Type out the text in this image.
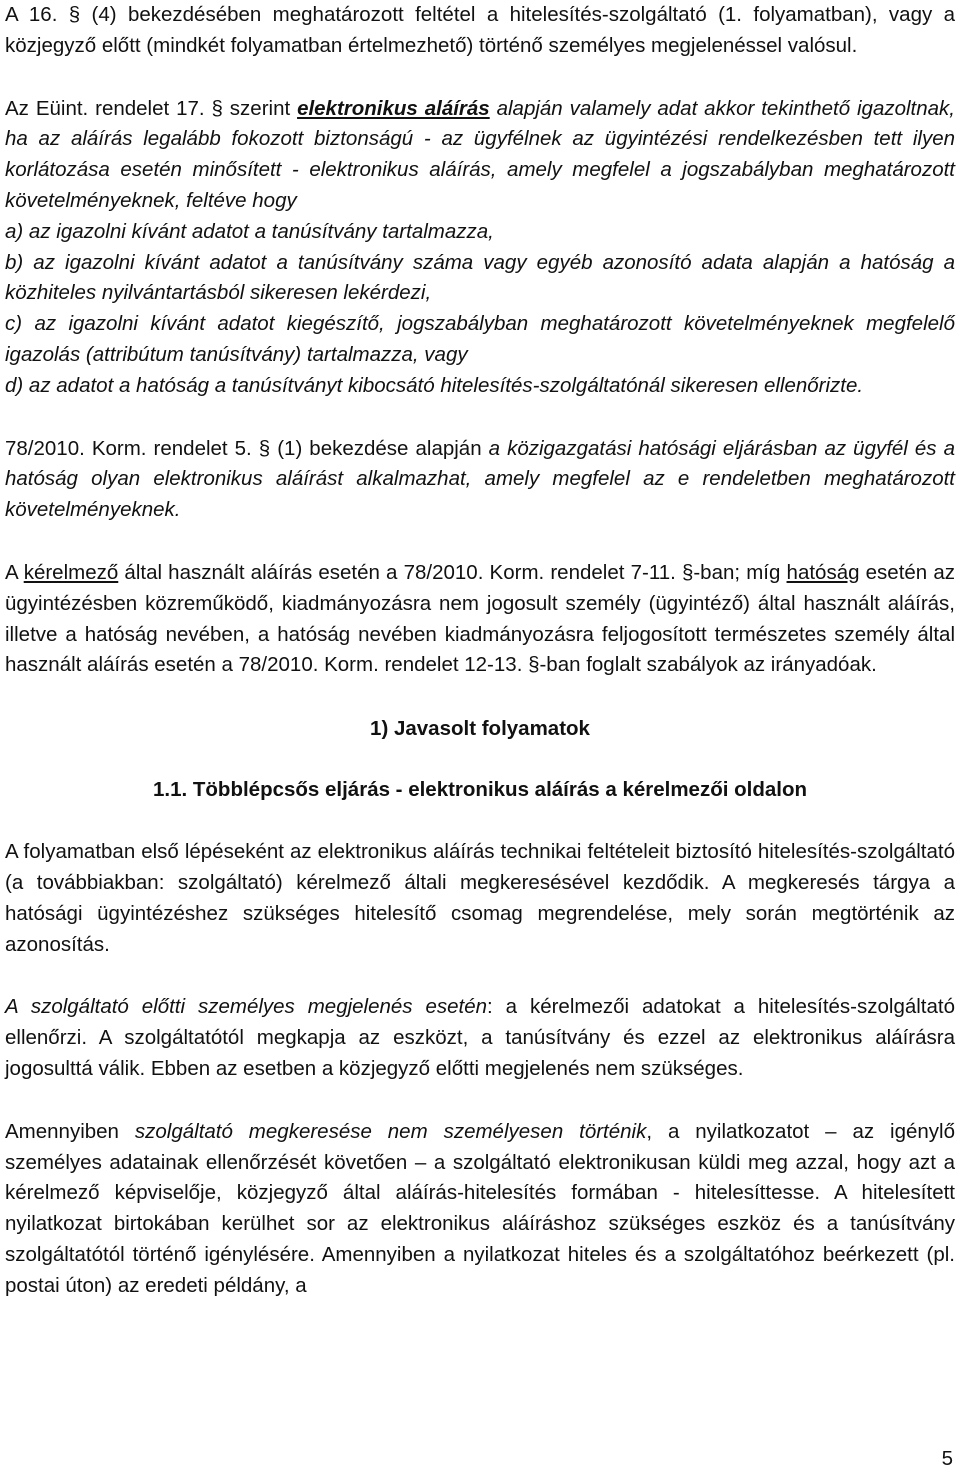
A 16. § (4) bekezdésében meghatározott feltétel a hitelesítés-szolgáltató (1. folyamatban), vagy a közjegyző előtt (mindkét folyamatban értelmezhető) történő személyes megjelenéssel valósul.

Az Eüint. rendelet 17. § szerint elektronikus aláírás alapján valamely adat akkor tekinthető igazoltnak, ha az aláírás legalább fokozott biztonságú - az ügyfélnek az ügyintézési rendelkezésben tett ilyen korlátozása esetén minősített - elektronikus aláírás, amely megfelel a jogszabályban meghatározott követelményeknek, feltéve hogy

a) az igazolni kívánt adatot a tanúsítvány tartalmazza,

b) az igazolni kívánt adatot a tanúsítvány száma vagy egyéb azonosító adata alapján a hatóság a közhiteles nyilvántartásból sikeresen lekérdezi,

c) az igazolni kívánt adatot kiegészítő, jogszabályban meghatározott követelményeknek megfelelő igazolás (attribútum tanúsítvány) tartalmazza, vagy

d) az adatot a hatóság a tanúsítványt kibocsátó hitelesítés-szolgáltatónál sikeresen ellenőrizte.

78/2010. Korm. rendelet 5. § (1) bekezdése alapján a közigazgatási hatósági eljárásban az ügyfél és a hatóság olyan elektronikus aláírást alkalmazhat, amely megfelel az e rendeletben meghatározott követelményeknek.

A kérelmező által használt aláírás esetén a 78/2010. Korm. rendelet 7-11. §-ban; míg hatóság esetén az ügyintézésben közreműködő, kiadmányozásra nem jogosult személy (ügyintéző) által használt aláírás, illetve a hatóság nevében, a hatóság nevében kiadmányozásra feljogosított természetes személy által használt aláírás esetén a 78/2010. Korm. rendelet 12-13. §-ban foglalt szabályok az irányadóak.

1) Javasolt folyamatok
1.1. Többlépcsős eljárás - elektronikus aláírás a kérelmezői oldalon

A folyamatban első lépéseként az elektronikus aláírás technikai feltételeit biztosító hitelesítés-szolgáltató (a továbbiakban: szolgáltató) kérelmező általi megkeresésével kezdődik. A megkeresés tárgya a hatósági ügyintézéshez szükséges hitelesítő csomag megrendelése, mely során megtörténik az azonosítás.

A szolgáltató előtti személyes megjelenés esetén: a kérelmezői adatokat a hitelesítés-szolgáltató ellenőrzi. A szolgáltatótól megkapja az eszközt, a tanúsítvány és ezzel az elektronikus aláírásra jogosulttá válik. Ebben az esetben a közjegyző előtti megjelenés nem szükséges.

Amennyiben szolgáltató megkeresése nem személyesen történik, a nyilatkozatot – az igénylő személyes adatainak ellenőrzését követően – a szolgáltató elektronikusan küldi meg azzal, hogy azt a kérelmező képviselője, közjegyző által aláírás-hitelesítés formában - hitelesíttesse. A hitelesített nyilatkozat birtokában kerülhet sor az elektronikus aláíráshoz szükséges eszköz és a tanúsítvány szolgáltatótól történő igénylésére. Amennyiben a nyilatkozat hiteles és a szolgáltatóhoz beérkezett (pl. postai úton) az eredeti példány, a

5
